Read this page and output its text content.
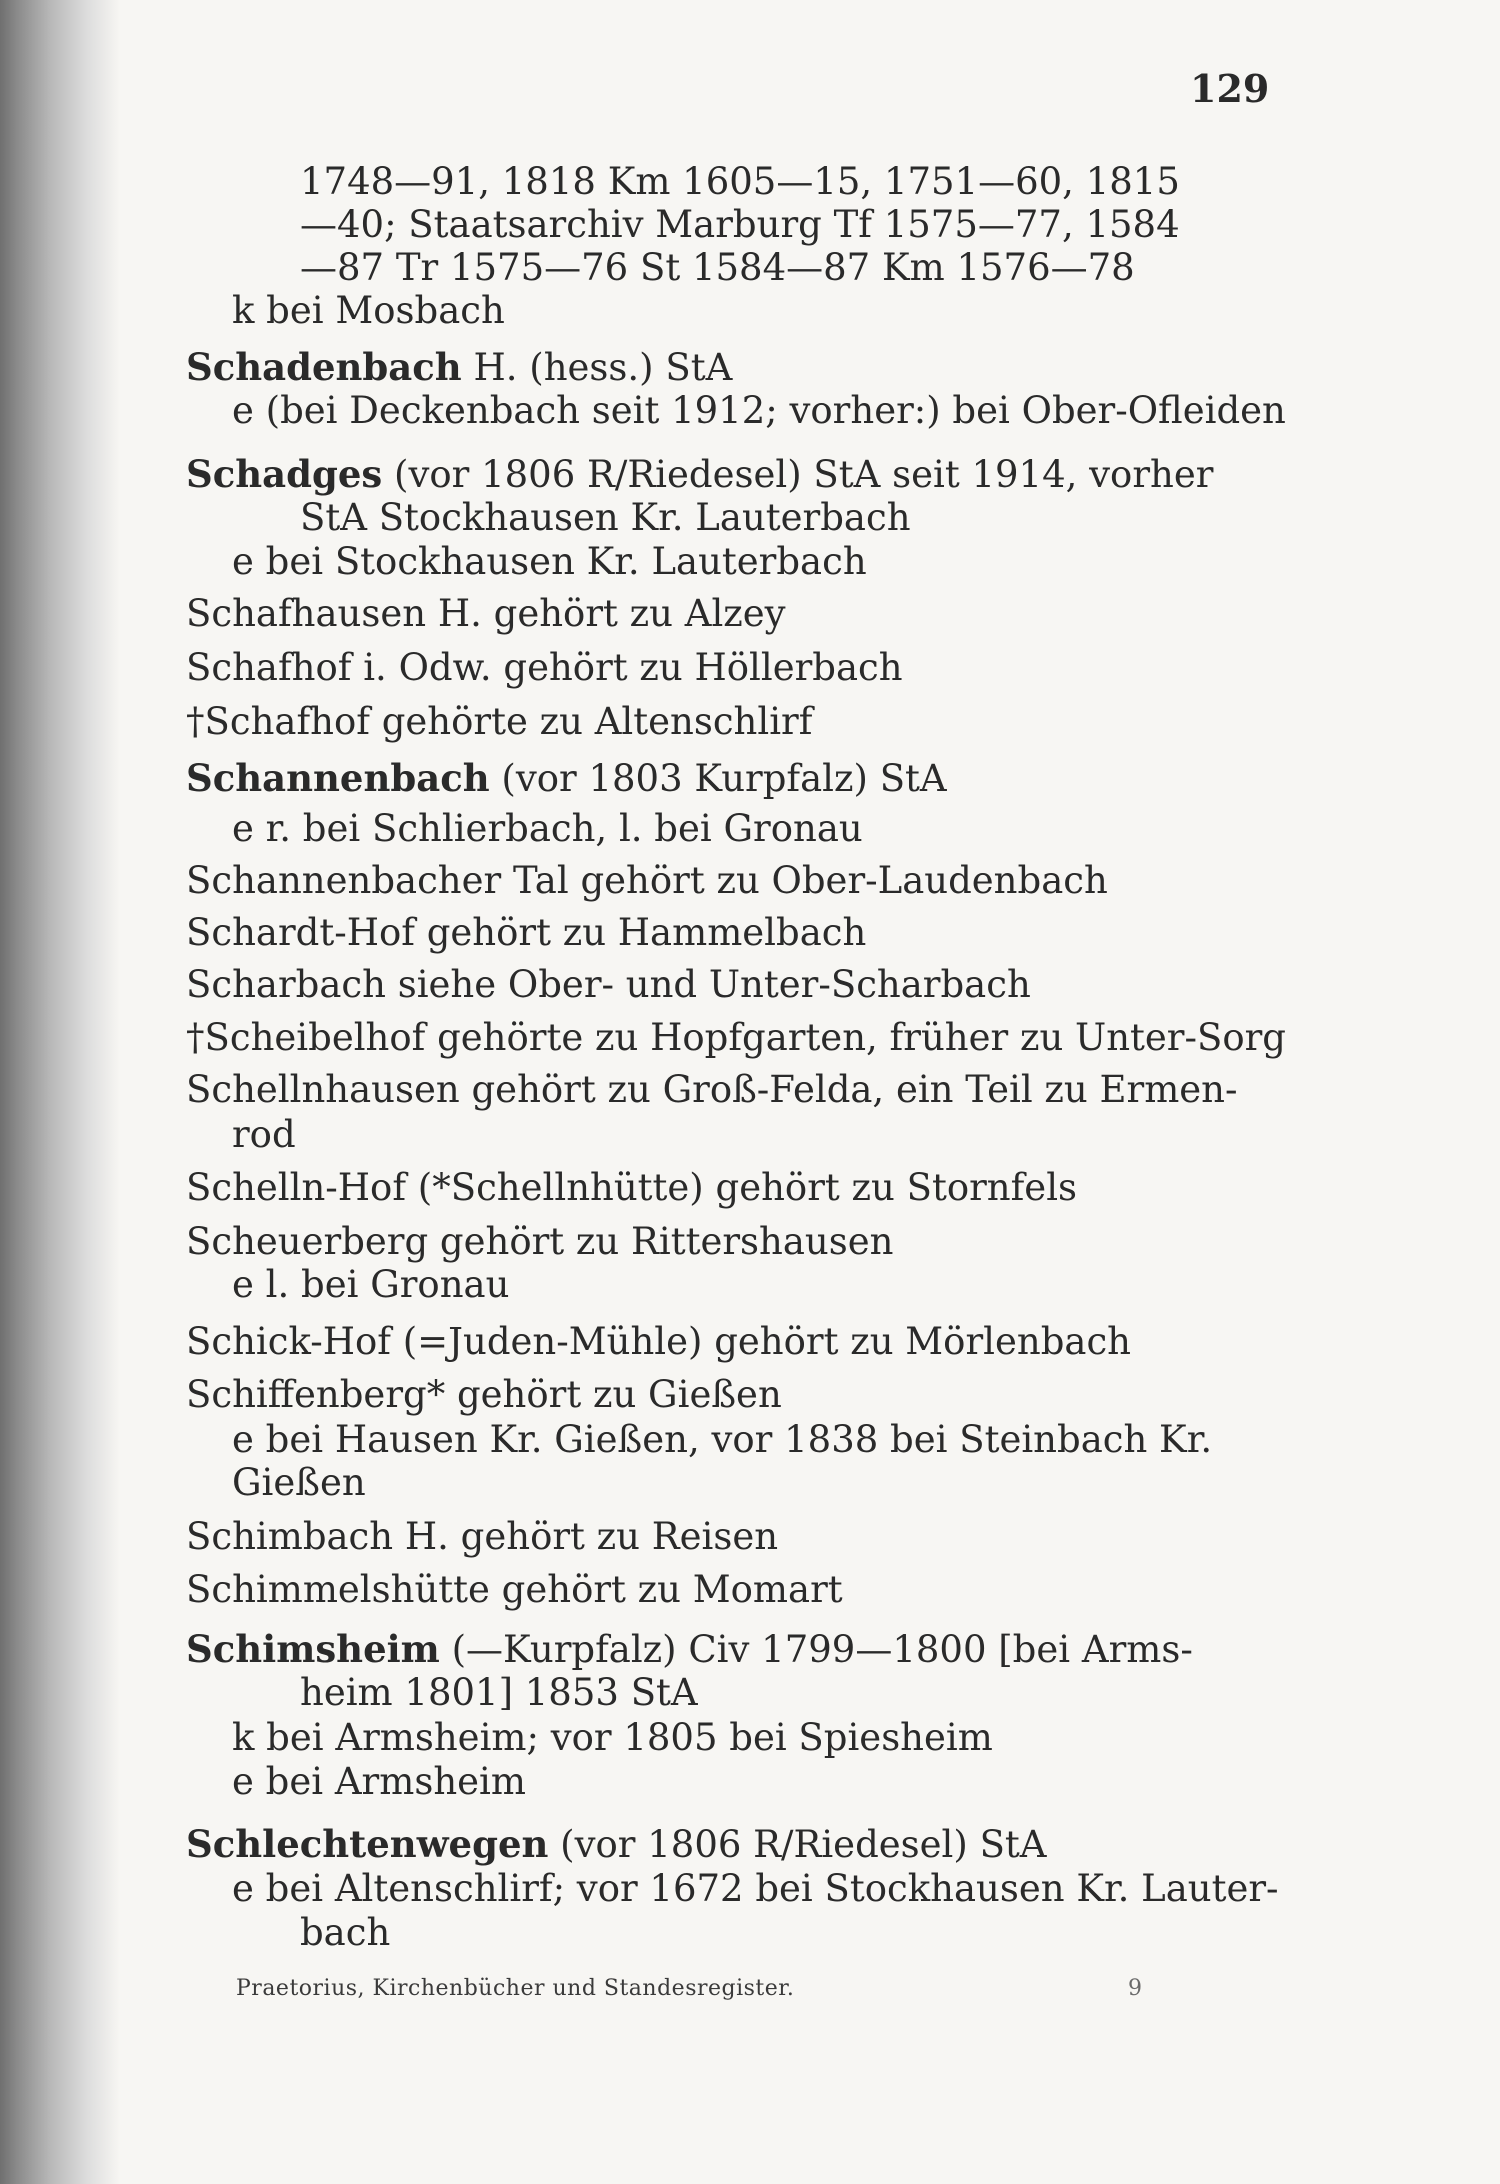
129
1748—91, 1818 Km 1605—15, 1751—60, 1815
—40; Staatsarchiv Marburg Tf 1575—77, 1584
—87 Tr 1575—76 St 1584—87 Km 1576—78
k bei Mosbach
Schadenbach H. (hess.) StA
e (bei Deckenbach seit 1912; vorher:) bei Ober-Ofleiden
Schadges (vor 1806 R/Riedesel) StA seit 1914, vorher
StA Stockhausen Kr. Lauterbach
e bei Stockhausen Kr. Lauterbach
Schafhausen H. gehört zu Alzey
Schafhof i. Odw. gehört zu Höllerbach
†Schafhof gehörte zu Altenschlirf
Schannenbach (vor 1803 Kurpfalz) StA
e r. bei Schlierbach, l. bei Gronau
Schannenbacher Tal gehört zu Ober-Laudenbach
Schardt-Hof gehört zu Hammelbach
Scharbach siehe Ober- und Unter-Scharbach
†Scheibelhof gehörte zu Hopfgarten, früher zu Unter-Sorg
Schellnhausen gehört zu Groß-Felda, ein Teil zu Ermen-
rod
Schelln-Hof (*Schellnhütte) gehört zu Stornfels
Scheuerberg gehört zu Rittershausen
e l. bei Gronau
Schick-Hof (=Juden-Mühle) gehört zu Mörlenbach
Schiffenberg* gehört zu Gießen
e bei Hausen Kr. Gießen, vor 1838 bei Steinbach Kr.
Gießen
Schimbach H. gehört zu Reisen
Schimmelshütte gehört zu Momart
Schimsheim (—Kurpfalz) Civ 1799—1800 [bei Arms-
heim 1801] 1853 StA
k bei Armsheim; vor 1805 bei Spiesheim
e bei Armsheim
Schlechtenwegen (vor 1806 R/Riedesel) StA
e bei Altenschlirf; vor 1672 bei Stockhausen Kr. Lauter-
bach
Praetorius, Kirchenbücher und Standesregister.	9
